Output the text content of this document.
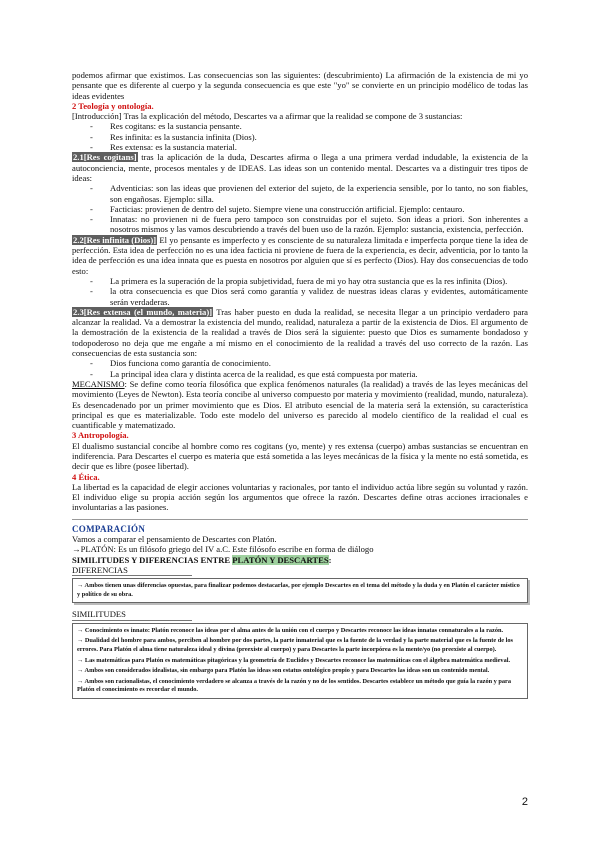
podemos afirmar que existimos. Las consecuencias son las siguientes: (descubrimiento) La afirmación de la existencia de mi yo pensante que es diferente al cuerpo y la segunda consecuencia es que este "yo" se convierte en un principio modélico de todas las ideas evidentes

2 Teología y ontología.

[Introducción] Tras la explicación del método, Descartes va a afirmar que la realidad se compone de 3 sustancias:

- Res cogitans: es la sustancia pensante.
- Res infinita: es la sustancia infinita (Dios).
- Res extensa: es la sustancia material.

2.1[Res cogitans] tras la aplicación de la duda, Descartes afirma o llega a una primera verdad indudable, la existencia de la autoconciencia, mente, procesos mentales y de IDEAS. Las ideas son un contenido mental. Descartes va a distinguir tres tipos de ideas:

- Adventicias: son las ideas que provienen del exterior del sujeto, de la experiencia sensible, por lo tanto, no son fiables, son engañosas. Ejemplo: silla.
- Facticias: provienen de dentro del sujeto. Siempre viene una construcción artificial. Ejemplo: centauro.
- Innatas: no provienen ni de fuera pero tampoco son construidas por el sujeto. Son ideas a priori. Son inherentes a nosotros mismos y las vamos descubriendo a través del buen uso de la razón. Ejemplo: sustancia, existencia, perfección.

2.2[Res infinita (Dios)] El yo pensante es imperfecto y es consciente de su naturaleza limitada e imperfecta porque tiene la idea de perfección. Esta idea de perfección no es una idea facticia ni proviene de fuera de la experiencia, es decir, adventicia, por lo tanto la idea de perfección es una idea innata que es puesta en nosotros por alguien que sí es perfecto (Dios). Hay dos consecuencias de todo esto:

- La primera es la superación de la propia subjetividad, fuera de mi yo hay otra sustancia que es la res infinita (Dios).
- la otra consecuencia es que Dios será como garantía y validez de nuestras ideas claras y evidentes, automáticamente serán verdaderas.

2.3[Res extensa (el mundo, materia)] Tras haber puesto en duda la realidad, se necesita llegar a un principio verdadero para alcanzar la realidad. Va a demostrar la existencia del mundo, realidad, naturaleza a partir de la existencia de Dios. El argumento de la demostración de la existencia de la realidad a través de Dios será la siguiente: puesto que Dios es sumamente bondadoso y todopoderoso no deja que me engañe a mí mismo en el conocimiento de la realidad a través del uso correcto de la razón. Las consecuencias de esta sustancia son:

- Dios funciona como garantía de conocimiento.
- La principal idea clara y distinta acerca de la realidad, es que está compuesta por materia.

MECANISMO: Se define como teoría filosófica que explica fenómenos naturales (la realidad) a través de las leyes mecánicas del movimiento (Leyes de Newton). Esta teoría concibe al universo compuesto por materia y movimiento (realidad, mundo, naturaleza). Es desencadenado por un primer movimiento que es Dios. El atributo esencial de la materia será la extensión, su característica principal es que es materializable. Todo este modelo del universo es parecido al modelo científico de la realidad el cual es cuantificable y matematizado.

3 Antropología.

El dualismo sustancial concibe al hombre como res cogitans (yo, mente) y res extensa (cuerpo) ambas sustancias se encuentran en indiferencia. Para Descartes el cuerpo es materia que está sometida a las leyes mecánicas de la física y la mente no está sometida, es decir que es libre (posee libertad).

4 Ética.

La libertad es la capacidad de elegir acciones voluntarias y racionales, por tanto el individuo actúa libre según su voluntad y razón. El individuo elige su propia acción según los argumentos que ofrece la razón. Descartes define otras acciones irracionales e involuntarias a las pasiones.

COMPARACIÓN

Vamos a comparar el pensamiento de Descartes con Platón.

→PLATÓN: Es un filósofo griego del IV a.C. Este filósofo escribe en forma de diálogo

SIMILITUDES Y DIFERENCIAS ENTRE PLATÓN Y DESCARTES:

DIFERENCIAS
→ Ambos tienen unas diferencias opuestas, para finalizar podemos destacarlas, por ejemplo Descartes en el tema del método y la duda y en Platón el carácter místico y político de su obra.
SIMILITUDES

→ Conocimiento es innato: Platón reconoce las ideas por el alma antes de la unión con el cuerpo y Descartes reconoce las ideas innatas connaturales a la razón.

→ Dualidad del hombre para ambos, perciben al hombre por dos partes, la parte inmaterial que es la fuente de la verdad y la parte material que es la fuente de los errores. Para Platón el alma tiene naturaleza ideal y divina (preexiste al cuerpo) y para Descartes la parte incorpórea es la mente/yo (no preexiste al cuerpo).

→ Las matemáticas para Platón es matemáticas pitagóricas y la geometría de Euclides y Descartes reconoce las matemáticas con el álgebra matemática medieval.

→ Ambos son considerados idealistas, sin embargo para Platón las ideas son estatus ontológico propio y para Descartes las ideas son un contenido mental.

→ Ambos son racionalistas, el conocimiento verdadero se alcanza a través de la razón y no de los sentidos. Descartes establece un método que guía la razón y para Platón el conocimiento es recordar el mundo.

2
